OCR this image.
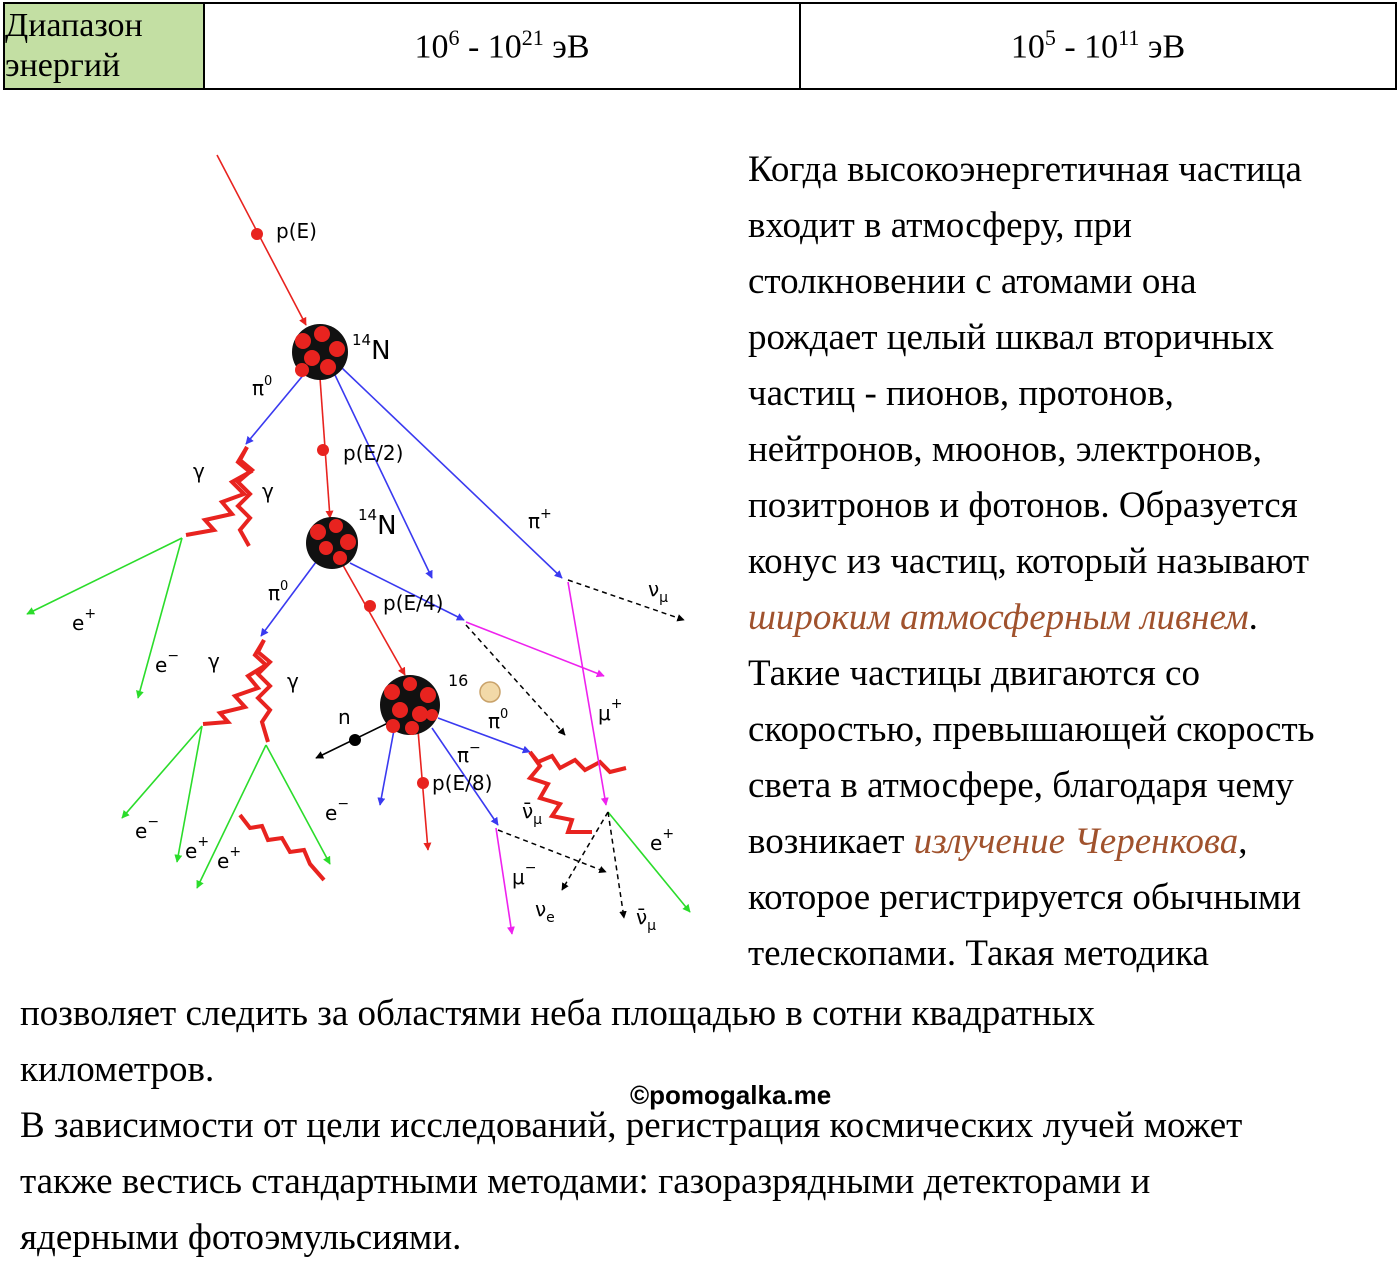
Диапазон
энергий	$10^6 - 10^{21}$ эВ	$10^5 - 10^{11}$ эВ
p(E)
$^{14}$N
$\pi^0$
p(E/2)
γ
γ
$^{14}$N	π+
$\pi^0$
p(E/4)
$\nu_\mu$
e+
e− γ
γ	16
$\pi^0$	μ+
n
π−
p(E/8)
e−
e+
e+
e−	$\nū_\mu$
μ−
e+
$\nu_e$	$\nū_\mu$
Когда высокоэнергетичная частица
входит в атмосферу, при
столкновении с атомами она
рождает целый шквал вторичных
частиц - пионов, протонов,
нейтронов, мюонов, электронов,
позитронов и фотонов. Образуется
конус из частиц, который называют
широким атмосферным ливнем.
Такие частицы двигаются со
скоростью, превышающей скорость
света в атмосфере, благодаря чему
возникает излучение Черенкова,
которое регистрируется обычными
телескопами. Такая методика
позволяет следить за областями неба площадью в сотни квадратных
километров.
В зависимости от цели исследований, регистрация космических лучей может
также вестись стандартными методами: газоразрядными детекторами и
ядерными фотоэмульсиями.
©pomogalka.me
